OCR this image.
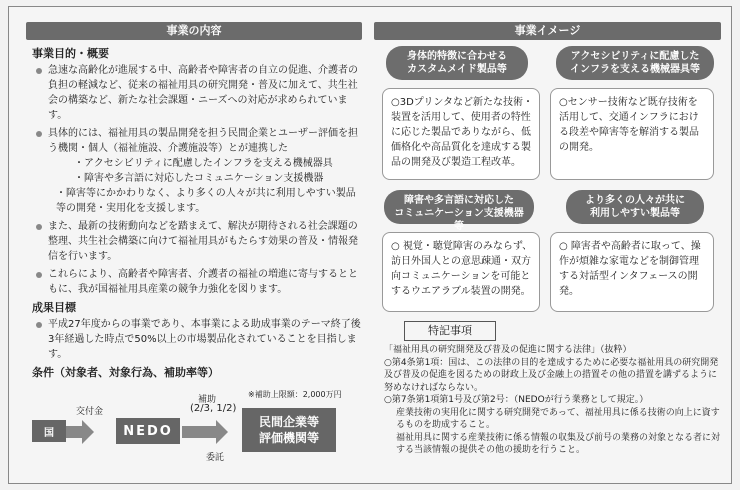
事業の内容	事業イメージ
事業目的・概要
急速な高齢化が進展する中、高齢者や障害者の自立の促進、介護者の負担の軽減など、従来の福祉用具の研究開発・普及に加えて、共生社会の構築など、新たな社会課題・ニーズへの対応が求められています。
具体的には、福祉用具の製品開発を担う民間企業とユーザー評価を担う機関・個人（福祉施設、介護施設等）とが連携した
・アクセシビリティに配慮したインフラを支える機械器具
・障害や多言語に対応したコミュニケーション支援機器
・障害等にかかわりなく、より多くの人々が共に利用しやすい製品等の開発・実用化を支援します。
また、最新の技術動向などを踏まえて、解決が期待される社会課題の整理、共生社会構築に向けて福祉用具がもたらす効果の普及・情報発信を行います。
これらにより、高齢者や障害者、介護者の福祉の増進に寄与するとともに、我が国福祉用具産業の競争力強化を図ります。
成果目標
平成27年度からの事業であり、本事業による助成事業のテーマ終了後3年経過した時点で50%以上の市場製品化されていることを目指します。
条件（対象者、対象行為、補助率等）
交付金
補助
※補助上限額：2,000万円
(2/3, 1/2)
委託
国	NEDO
民間企業等
評価機関等
身体的特徴に合わせる
カスタムメイド製品等
○3Dプリンタなど新たな技術・装置を活用して、使用者の特性に応じた製品でありながら、低価格化や高品質化を達成する製品の開発及び製造工程改革。
アクセシビリティに配慮した
インフラを支える機械器具等
○センサー技術など既存技術を活用して、交通インフラにおける段差や障害等を解消する製品の開発。
障害や多言語に対応した
コミュニケーション支援機器等
○ 視覚・聴覚障害のみならず、訪日外国人との意思疎通・双方向コミュニケーションを可能とするウエアラブル装置の開発。
より多くの人々が共に
利用しやすい製品等
○ 障害者や高齢者に取って、操作が煩雑な家電などを制御管理する対話型インタフェースの開発。
特記事項

「福祉用具の研究開発及び普及の促進に関する法律」（抜粋）

○第4条第1項：国は、この法律の目的を達成するために必要な福祉用具の研究開発及び普及の促進を図るための財政上及び金融上の措置その他の措置を講ずるように努めなければならない。

○第7条第1項第1号及び第2号：（NEDOが行う業務として規定。）

産業技術の実用化に関する研究開発であって、福祉用具に係る技術の向上に資するものを助成すること。

福祉用具に関する産業技術に係る情報の収集及び前号の業務の対象となる者に対する当該情報の提供その他の援助を行うこと。
